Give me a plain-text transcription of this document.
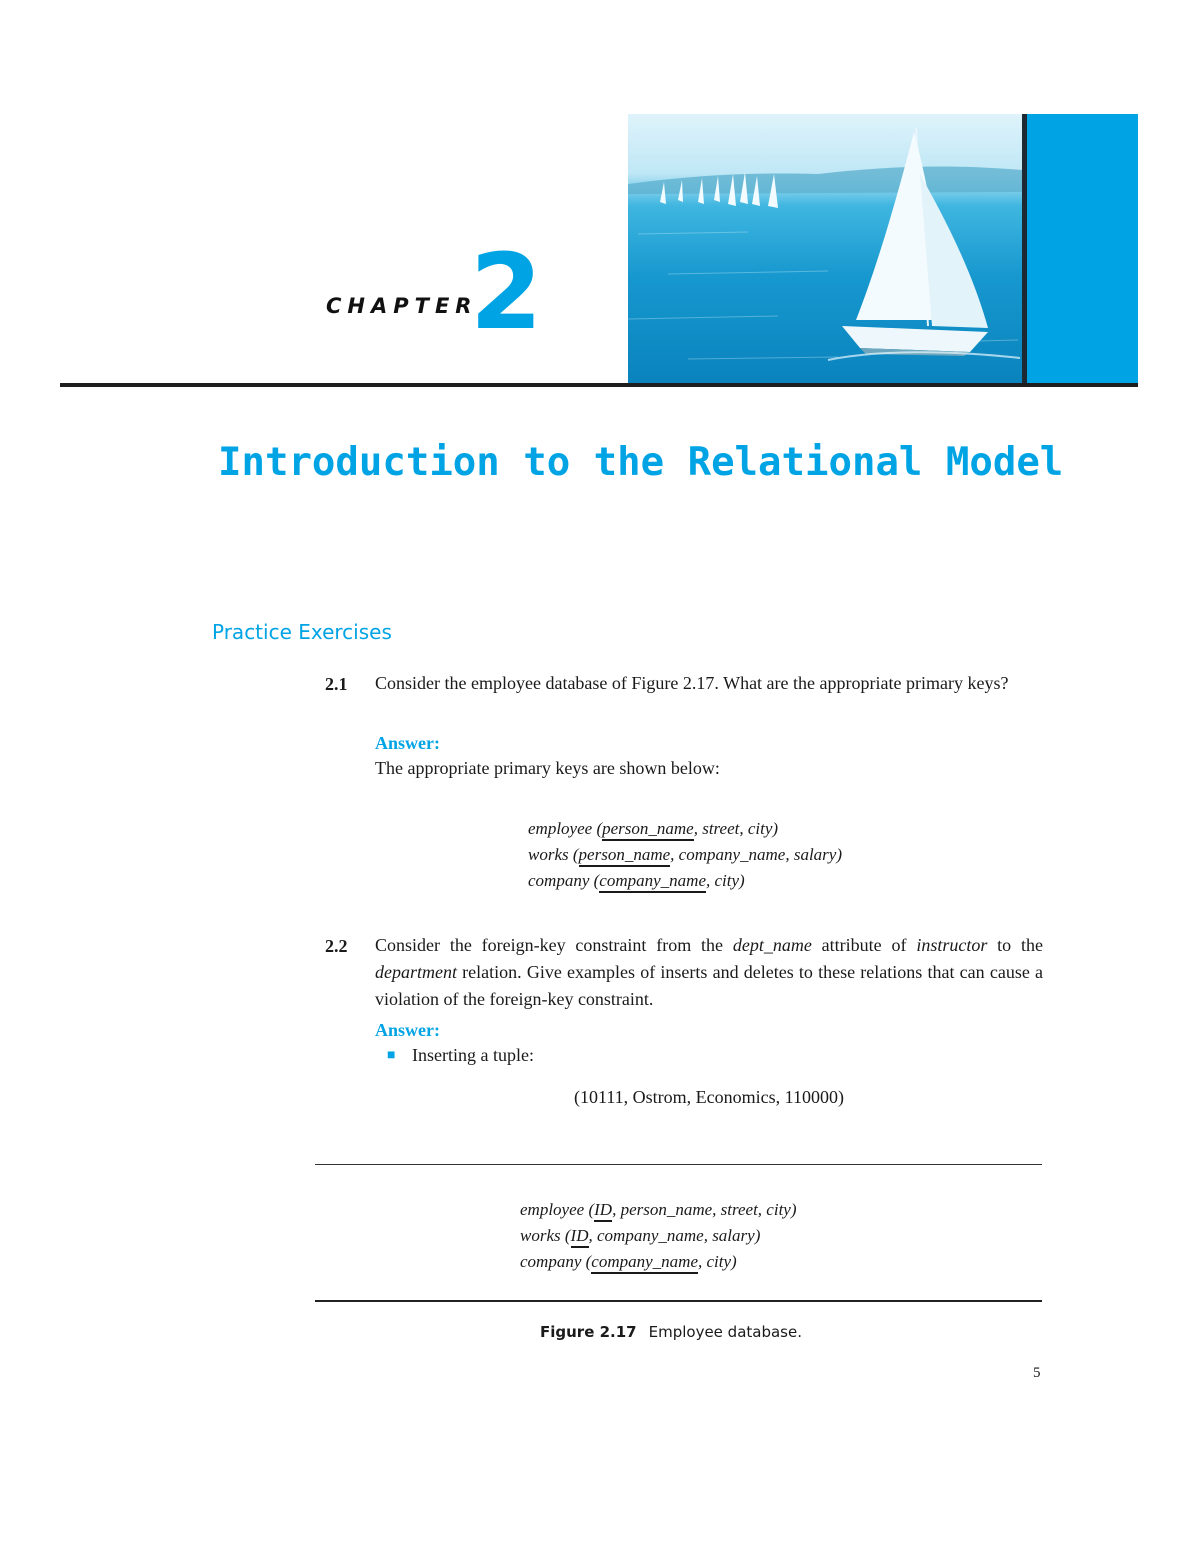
CHAPTER
2
Introduction to the Relational Model
Practice Exercises
2.1 Consider the employee database of Figure 2.17. What are the appropriate primary keys?
Answer:
The appropriate primary keys are shown below:
employee (person_name, street, city)
works (person_name, company_name, salary)
company (company_name, city)
2.2 Consider the foreign-key constraint from the dept_name attribute of instructor to the department relation. Give examples of inserts and deletes to these relations that can cause a violation of the foreign-key constraint.
Answer:
■ Inserting a tuple:
(10111, Ostrom, Economics, 110000)
employee (ID, person_name, street, city)
works (ID, company_name, salary)
company (company_name, city)
Figure 2.17 Employee database.
5
